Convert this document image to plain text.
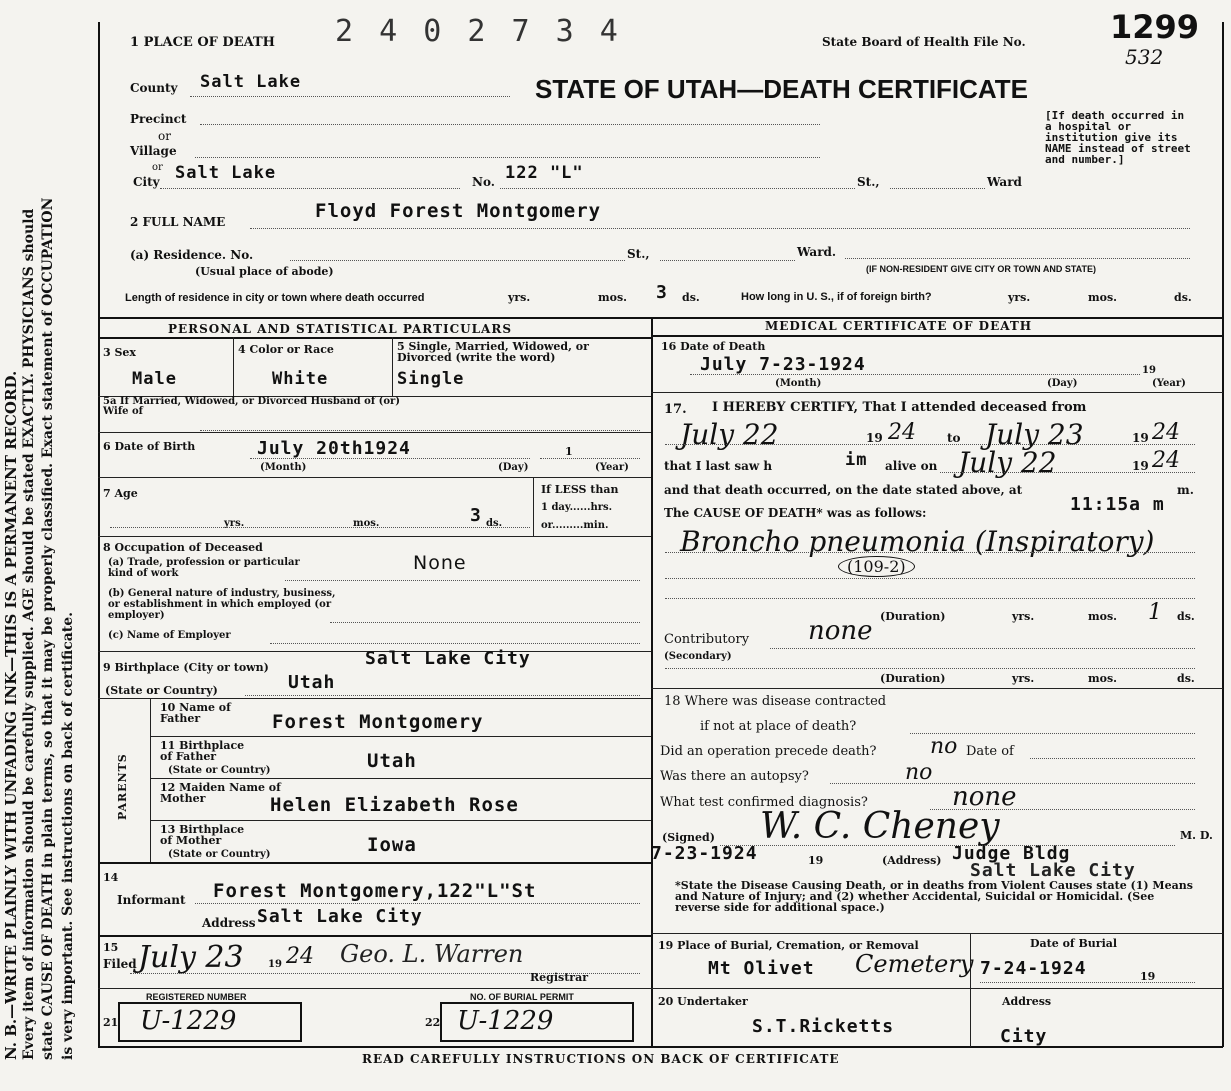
N. B.—WRITE PLAINLY WITH UNFADING INK—THIS IS A PERMANENT RECORD. Every item of information should be carefully supplied. AGE should be stated EXACTLY. PHYSICIANS should state CAUSE OF DEATH in plain terms, so that it may be properly classified. Exact statement of OCCUPATION is very important. See instructions on back of certificate.
1 PLACE OF DEATH 2 4 0 2 7 3 4	State Board of Health File No.	1299
532
STATE OF UTAH—DEATH CERTIFICATE
County Salt Lake
Precinct
or
Village
or
City Salt Lake	No. 122 "L"	St.,	Ward
[If death occurred in a hospital or institution give its NAME instead of street and number.]
2 FULL NAME	Floyd Forest Montgomery
(a) Residence. No.	St.,	Ward.
(Usual place of abode)	(IF NON-RESIDENT GIVE CITY OR TOWN AND STATE)
Length of residence in city or town where death occurred	yrs.	mos. 3 ds.	How long in U. S., if of foreign birth?	yrs.	mos.	ds.
PERSONAL AND STATISTICAL PARTICULARS
3 Sex
Male
4 Color or Race
White
5 Single, Married, Widowed, or Divorced (write the word)
Single
5a If Married, Widowed, or Divorced Husband of (or) Wife of
6 Date of Birth	July 20th1924	1
(Month)	(Day)	(Year)
7 Age
yrs.	mos.	3 ds.
If LESS than
1 day......hrs.
or.........min.
8 Occupation of Deceased
(a) Trade, profession or particular kind of work	None
(b) General nature of industry, business, or establishment in which employed (or employer)
(c) Name of Employer
9 Birthplace (City or town)	Salt Lake City
(State or Country)	Utah
PARENTS
10 Name of Father	Forest Montgomery
11 Birthplace of Father
(State or Country)	Utah
12 Maiden Name of Mother	Helen Elizabeth Rose
13 Birthplace of Mother
(State or Country)	Iowa
14
Informant Forest Montgomery,122"L"St
Address Salt Lake City
15
Filed July 23 19 24 Geo. L. Warren
Registrar
REGISTERED NUMBER	NO. OF BURIAL PERMIT
21 U-1229	22 U-1229
MEDICAL CERTIFICATE OF DEATH
16 Date of Death
July 7-23-1924	19
(Month)	(Day)	(Year)
17. I HEREBY CERTIFY, That I attended deceased from
July 22	19 24	to July 23	19 24
that I last saw h	im alive on July 22	19 24
and that death occurred, on the date stated above, at	m.
11:15a m
The CAUSE OF DEATH* was as follows:
Broncho pneumonia (Inspiratory)
(109-2)
(Duration)	yrs.	mos. 1 ds.
Contributory none
(Secondary)
(Duration)	yrs.	mos.	ds.
18 Where was disease contracted
if not at place of death?
Did an operation precede death? no Date of
Was there an autopsy?	no
What test confirmed diagnosis?	none
(Signed) W. C. Cheney	M. D.
7-23-1924	19	(Address) Judge Bldg
Salt Lake City
*State the Disease Causing Death, or in deaths from Violent Causes state (1) Means and Nature of Injury; and (2) whether Accidental, Suicidal or Homicidal. (See reverse side for additional space.)
19 Place of Burial, Cremation, or Removal
Mt Olivet Cemetery
Date of Burial
7-24-1924	19
20 Undertaker
S.T.Ricketts
Address
City
READ CAREFULLY INSTRUCTIONS ON BACK OF CERTIFICATE
